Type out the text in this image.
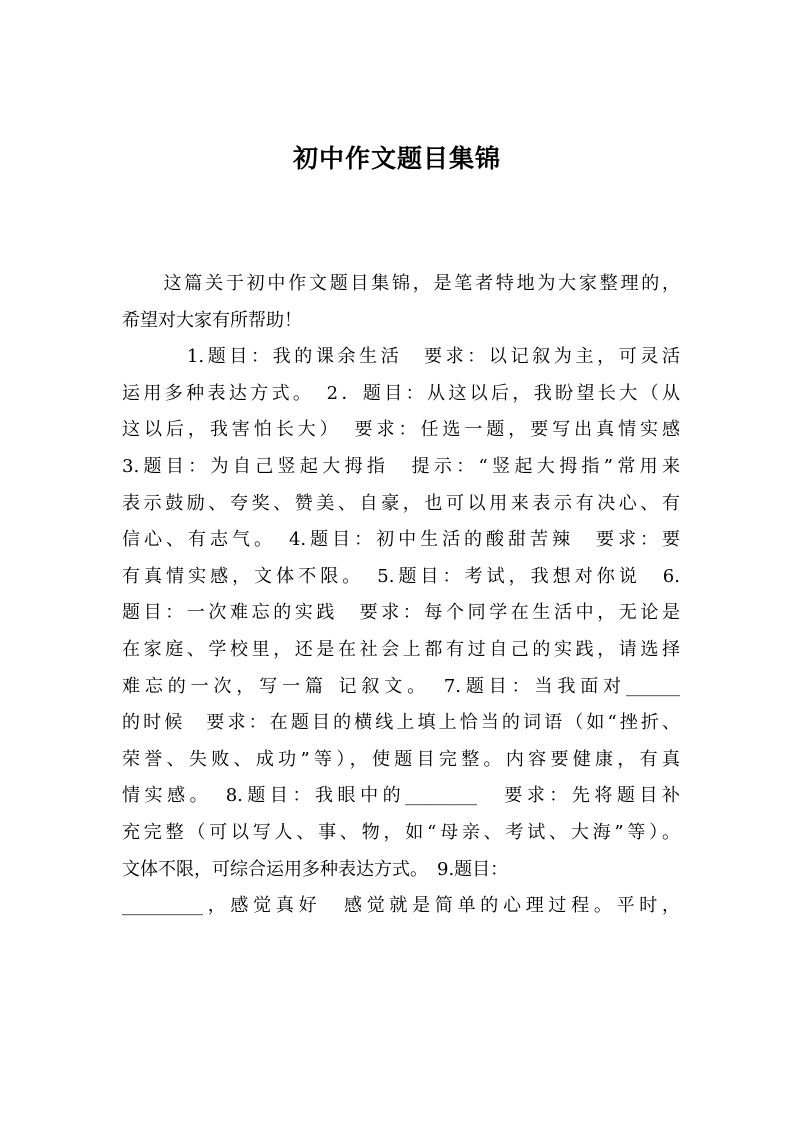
初中作文题目集锦
　　这篇关于初中作文题目集锦，是笔者特地为大家整理的，
希望对大家有所帮助！
　　　1.题目：我的课余生活　要求：以记叙为主，可灵活
运用多种表达方式。　2．题目：从这以后，我盼望长大（从
这以后，我害怕长大）　要求：任选一题，要写出真情实感
3.题目：为自己竖起大拇指　提示：“竖起大拇指”常用来
表示鼓励、夸奖、赞美、自豪，也可以用来表示有决心、有
信心、有志气。　4.题目：初中生活的酸甜苦辣　要求：要
有真情实感，文体不限。　5.题目：考试，我想对你说　6.
题目：一次难忘的实践　要求：每个同学在生活中，无论是
在家庭、学校里，还是在社会上都有过自己的实践，请选择
难忘的一次，写一篇 记叙文。　7.题目：当我面对______
的时候　要求：在题目的横线上填上恰当的词语（如“挫折、
荣誉、失败、成功”等），使题目完整。内容要健康，有真
情实感。　8.题目：我眼中的________　要求：先将题目补
充完整（可以写人、事、物，如“母亲、考试、大海”等）。
文体不限，可综合运用多种表达方式。　9.题目：
_________，感觉真好　感觉就是简单的心理过程。平时，
